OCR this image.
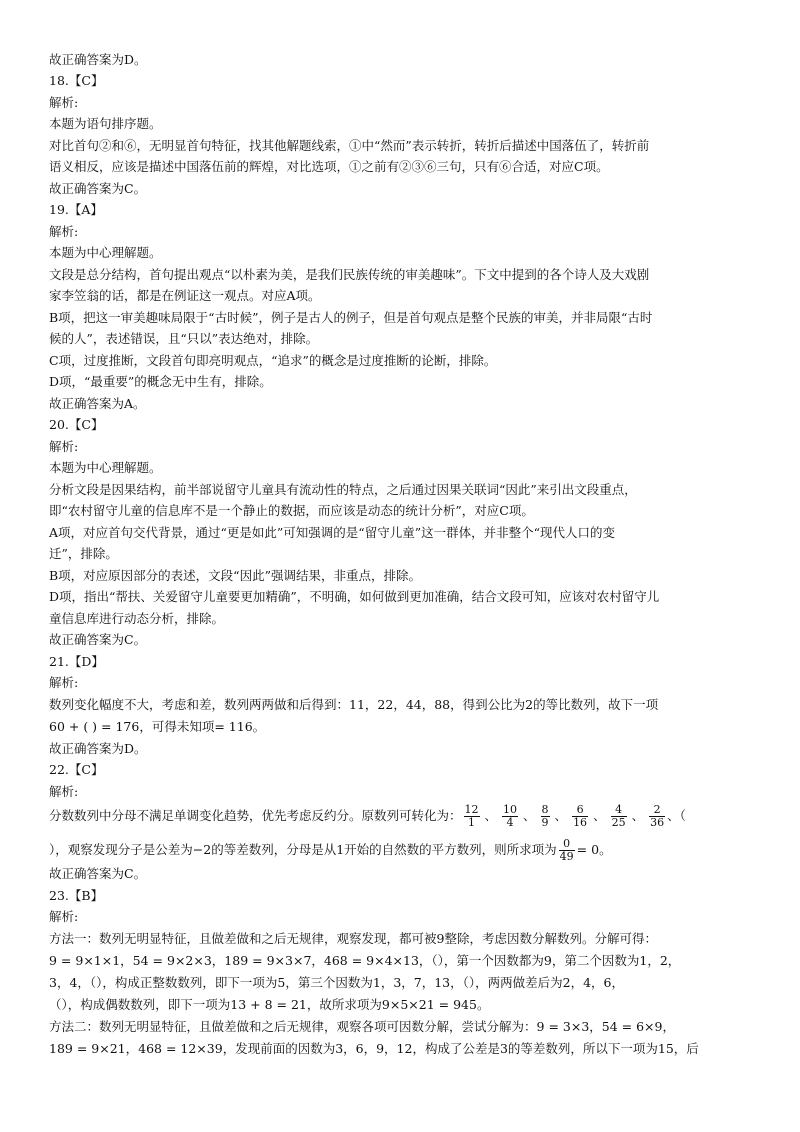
故正确答案为D。
18.【C】
解析:
本题为语句排序题。
对比首句②和⑥，无明显首句特征，找其他解题线索，①中“然而”表示转折，转折后描述中国落伍了，转折前
语义相反，应该是描述中国落伍前的辉煌，对比选项，①之前有②③⑥三句，只有⑥合适，对应C项。
故正确答案为C。
19.【A】
解析:
本题为中心理解题。
文段是总分结构，首句提出观点“以朴素为美，是我们民族传统的审美趣味”。下文中提到的各个诗人及大戏剧
家李笠翁的话，都是在例证这一观点。对应A项。
B项，把这一审美趣味局限于“古时候”，例子是古人的例子，但是首句观点是整个民族的审美，并非局限“古时
候的人”，表述错误，且“只以”表达绝对，排除。
C项，过度推断，文段首句即亮明观点，“追求”的概念是过度推断的论断，排除。
D项，“最重要”的概念无中生有，排除。
故正确答案为A。
20.【C】
解析:
本题为中心理解题。
分析文段是因果结构，前半部说留守儿童具有流动性的特点，之后通过因果关联词“因此”来引出文段重点，
即“农村留守儿童的信息库不是一个静止的数据，而应该是动态的统计分析”，对应C项。
A项，对应首句交代背景，通过“更是如此”可知强调的是“留守儿童”这一群体，并非整个“现代人口的变
迁”，排除。
B项，对应原因部分的表述，文段“因此”强调结果，非重点，排除。
D项，指出“帮扶、关爱留守儿童要更加精确”，不明确，如何做到更加准确，结合文段可知，应该对农村留守儿
童信息库进行动态分析，排除。
故正确答案为C。
21.【D】
解析:
数列变化幅度不大，考虑和差，数列两两做和后得到：11，22，44，88，得到公比为2的等比数列，故下一项
60 + ( ) = 176，可得未知项= 116。
故正确答案为D。
22.【C】
解析:
分数数列中分母不满足单调变化趋势，优先考虑反约分。原数列可转化为： $\frac{12}{1}$ 、 $\frac{10}{4}$ 、 $\frac{8}{9}$ 、 $\frac{6}{16}$ 、 $\frac{4}{25}$ 、 $\frac{2}{36}$ 、（
），观察发现分子是公差为−2的等差数列，分母是从1开始的自然数的平方数列，则所求项为 $\frac{0}{49} = 0$。
故正确答案为C。
23.【B】
解析:
方法一：数列无明显特征，且做差做和之后无规律，观察发现，都可被9整除，考虑因数分解数列。分解可得：
9 = 9×1×1，54 = 9×2×3，189 = 9×3×7，468 = 9×4×13，（），第一个因数都为9，第二个因数为1，2，
3，4，（），构成正整数数列，即下一项为5，第三个因数为1，3，7，13，（），两两做差后为2，4，6，
（），构成偶数数列，即下一项为13 + 8 = 21，故所求项为9×5×21 = 945。
方法二：数列无明显特征，且做差做和之后无规律，观察各项可因数分解，尝试分解为：9 = 3×3，54 = 6×9，
189 = 9×21，468 = 12×39，发现前面的因数为3，6，9，12，构成了公差是3的等差数列，所以下一项为15，后
